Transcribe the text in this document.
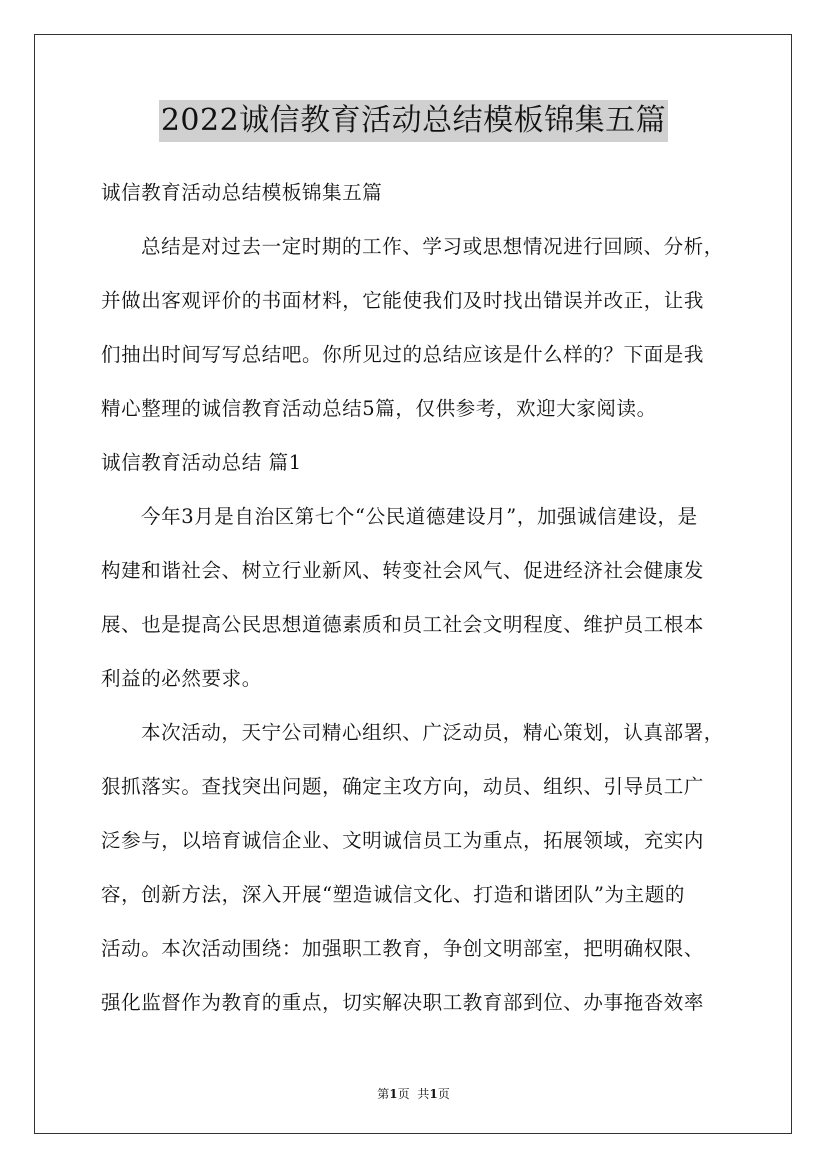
2022诚信教育活动总结模板锦集五篇

诚信教育活动总结模板锦集五篇

总结是对过去一定时期的工作、学习或思想情况进行回顾、分析，
并做出客观评价的书面材料，它能使我们及时找出错误并改正，让我
们抽出时间写写总结吧。你所见过的总结应该是什么样的？下面是我
精心整理的诚信教育活动总结5篇，仅供参考，欢迎大家阅读。

诚信教育活动总结 篇1

今年3月是自治区第七个“公民道德建设月”，加强诚信建设，是
构建和谐社会、树立行业新风、转变社会风气、促进经济社会健康发
展、也是提高公民思想道德素质和员工社会文明程度、维护员工根本
利益的必然要求。

本次活动，天宁公司精心组织、广泛动员，精心策划，认真部署，
狠抓落实。查找突出问题，确定主攻方向，动员、组织、引导员工广
泛参与，以培育诚信企业、文明诚信员工为重点，拓展领域，充实内
容，创新方法，深入开展“塑造诚信文化、打造和谐团队”为主题的
活动。本次活动围绕：加强职工教育，争创文明部室，把明确权限、
强化监督作为教育的重点，切实解决职工教育部到位、办事拖沓效率

第1页 共1页
